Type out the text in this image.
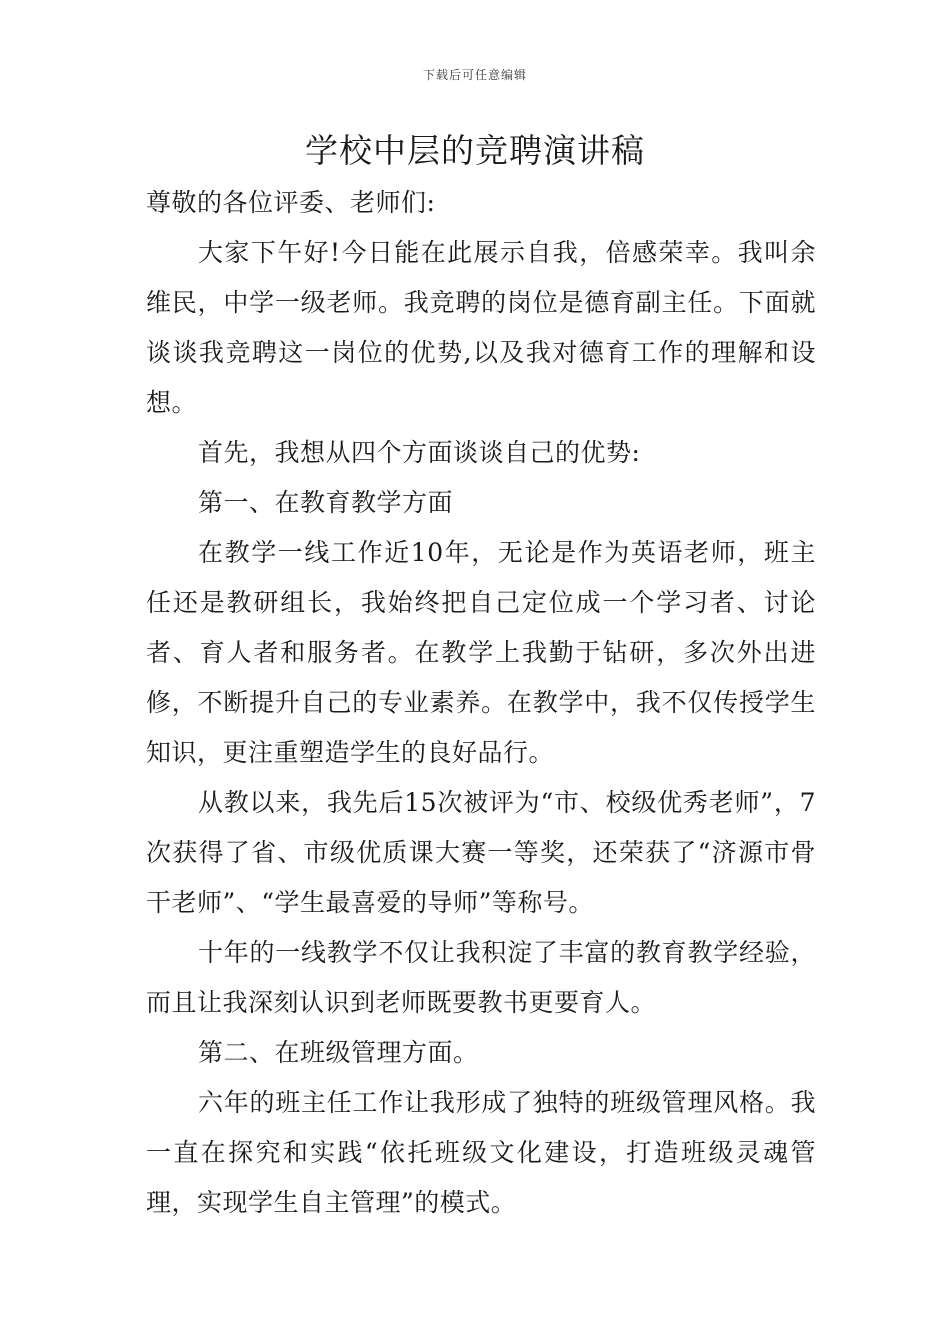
下载后可任意编辑
学校中层的竞聘演讲稿

尊敬的各位评委、老师们:

大家下午好!今日能在此展示自我，倍感荣幸。我叫余维民，中学一级老师。我竞聘的岗位是德育副主任。下面就谈谈我竞聘这一岗位的优势,以及我对德育工作的理解和设想。

首先，我想从四个方面谈谈自己的优势:

第一、在教育教学方面

在教学一线工作近10年，无论是作为英语老师，班主任还是教研组长，我始终把自己定位成一个学习者、讨论者、育人者和服务者。在教学上我勤于钻研，多次外出进修，不断提升自己的专业素养。在教学中，我不仅传授学生知识，更注重塑造学生的良好品行。

从教以来，我先后15次被评为“市、校级优秀老师”，7次获得了省、市级优质课大赛一等奖，还荣获了“济源市骨干老师”、“学生最喜爱的导师”等称号。

十年的一线教学不仅让我积淀了丰富的教育教学经验，而且让我深刻认识到老师既要教书更要育人。

第二、在班级管理方面。

六年的班主任工作让我形成了独特的班级管理风格。我一直在探究和实践“依托班级文化建设，打造班级灵魂管理，实现学生自主管理”的模式。
